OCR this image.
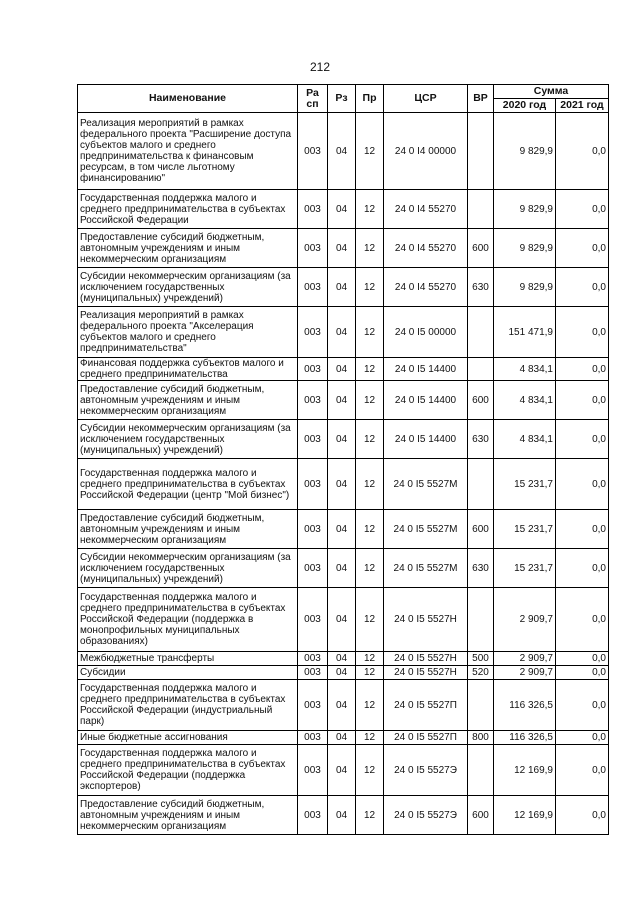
212
Наименование	Ра сп	Рз	Пр	ЦСР	ВР	Сумма	
						2020 год	2021 год
Реализация мероприятий в рамках федерального проекта "Расширение доступа субъектов малого и среднего предпринимательства к финансовым ресурсам, в том числе льготному финансированию"	003	04	12	24 0 I4 00000		9 829,9	0,0
Государственная поддержка малого и среднего предпринимательства в субъектах Российской Федерации	003	04	12	24 0 I4 55270		9 829,9	0,0
Предоставление субсидий бюджетным, автономным учреждениям и иным некоммерческим организациям	003	04	12	24 0 I4 55270	600	9 829,9	0,0
Субсидии некоммерческим организациям (за исключением государственных (муниципальных) учреждений)	003	04	12	24 0 I4 55270	630	9 829,9	0,0
Реализация мероприятий в рамках федерального проекта "Акселерация субъектов малого и среднего предпринимательства"	003	04	12	24 0 I5 00000		151 471,9	0,0
Финансовая поддержка субъектов малого и среднего предпринимательства	003	04	12	24 0 I5 14400		4 834,1	0,0
Предоставление субсидий бюджетным, автономным учреждениям и иным некоммерческим организациям	003	04	12	24 0 I5 14400	600	4 834,1	0,0
Субсидии некоммерческим организациям (за исключением государственных (муниципальных) учреждений)	003	04	12	24 0 I5 14400	630	4 834,1	0,0
Государственная поддержка малого и среднего предпринимательства в субъектах Российской Федерации (центр "Мой бизнес")	003	04	12	24 0 I5 5527M		15 231,7	0,0
Предоставление субсидий бюджетным, автономным учреждениям и иным некоммерческим организациям	003	04	12	24 0 I5 5527M	600	15 231,7	0,0
Субсидии некоммерческим организациям (за исключением государственных (муниципальных) учреждений)	003	04	12	24 0 I5 5527M	630	15 231,7	0,0
Государственная поддержка малого и среднего предпринимательства в субъектах Российской Федерации (поддержка в монопрофильных муниципальных образованиях)	003	04	12	24 0 I5 5527H		2 909,7	0,0
Межбюджетные трансферты	003	04	12	24 0 I5 5527H	500	2 909,7	0,0
Субсидии	003	04	12	24 0 I5 5527H	520	2 909,7	0,0
Государственная поддержка малого и среднего предпринимательства в субъектах Российской Федерации (индустриальный парк)	003	04	12	24 0 I5 5527П		116 326,5	0,0
Иные бюджетные ассигнования	003	04	12	24 0 I5 5527П	800	116 326,5	0,0
Государственная поддержка малого и среднего предпринимательства в субъектах Российской Федерации (поддержка экспортеров)	003	04	12	24 0 I5 5527Э		12 169,9	0,0
Предоставление субсидий бюджетным, автономным учреждениям и иным некоммерческим организациям	003	04	12	24 0 I5 5527Э	600	12 169,9	0,0
